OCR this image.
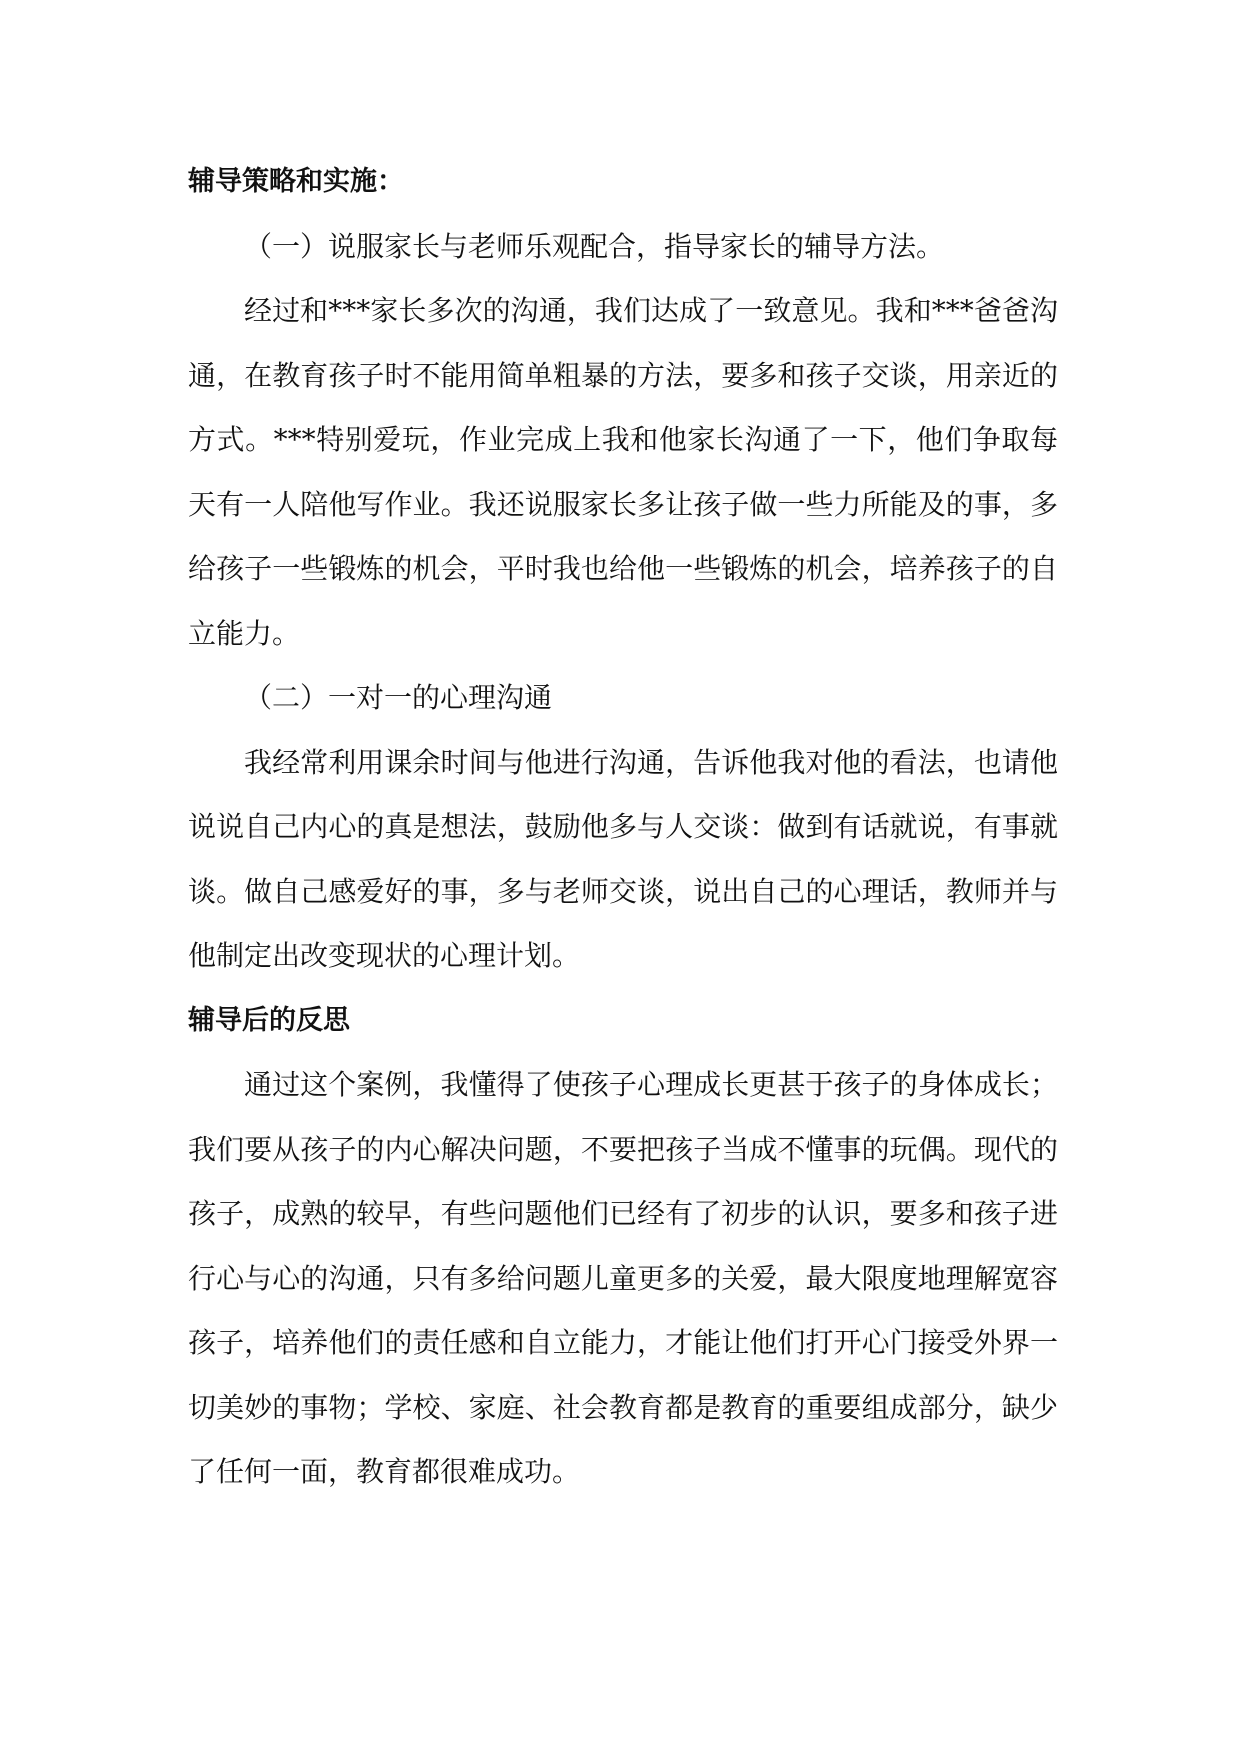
辅导策略和实施：

（一）说服家长与老师乐观配合，指导家长的辅导方法。

经过和***家长多次的沟通，我们达成了一致意见。我和***爸爸沟通，在教育孩子时不能用简单粗暴的方法，要多和孩子交谈，用亲近的方式。***特别爱玩，作业完成上我和他家长沟通了一下，他们争取每天有一人陪他写作业。我还说服家长多让孩子做一些力所能及的事，多给孩子一些锻炼的机会，平时我也给他一些锻炼的机会，培养孩子的自立能力。

（二）一对一的心理沟通

我经常利用课余时间与他进行沟通，告诉他我对他的看法，也请他说说自己内心的真是想法，鼓励他多与人交谈：做到有话就说，有事就谈。做自己感爱好的事，多与老师交谈，说出自己的心理话，教师并与他制定出改变现状的心理计划。

辅导后的反思

通过这个案例，我懂得了使孩子心理成长更甚于孩子的身体成长；我们要从孩子的内心解决问题，不要把孩子当成不懂事的玩偶。现代的孩子，成熟的较早，有些问题他们已经有了初步的认识，要多和孩子进行心与心的沟通，只有多给问题儿童更多的关爱，最大限度地理解宽容孩子，培养他们的责任感和自立能力，才能让他们打开心门接受外界一切美妙的事物；学校、家庭、社会教育都是教育的重要组成部分，缺少了任何一面，教育都很难成功。
